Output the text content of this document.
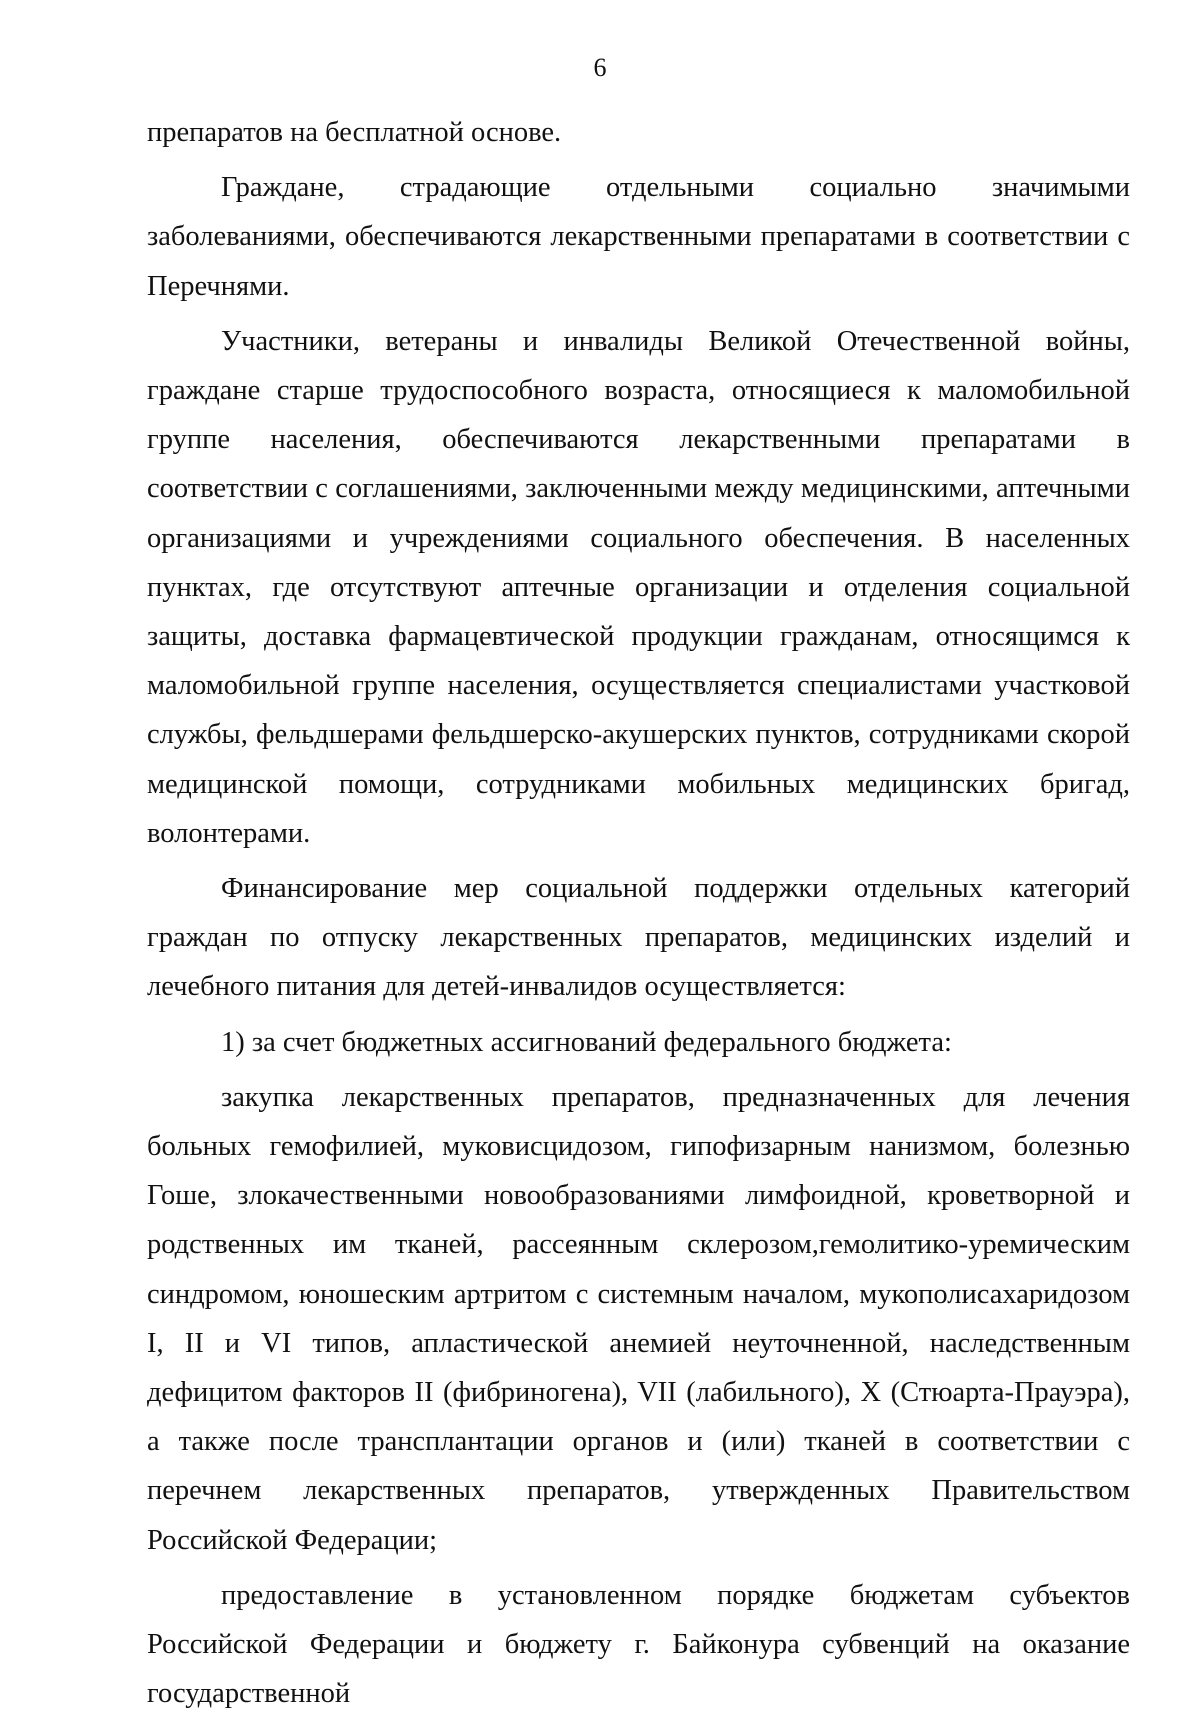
6

препаратов на бесплатной основе.

Граждане, страдающие отдельными социально значимыми заболеваниями, обеспечиваются лекарственными препаратами в соответствии с Перечнями.

Участники, ветераны и инвалиды Великой Отечественной войны, граждане старше трудоспособного возраста, относящиеся к маломобильной группе населения, обеспечиваются лекарственными препаратами в соответствии с соглашениями, заключенными между медицинскими, аптечными организациями и учреждениями социального обеспечения. В населенных пунктах, где отсутствуют аптечные организации и отделения социальной защиты, доставка фармацевтической продукции гражданам, относящимся к маломобильной группе населения, осуществляется специалистами участковой службы, фельдшерами фельдшерско-акушерских пунктов, сотрудниками скорой медицинской помощи, сотрудниками мобильных медицинских бригад, волонтерами.

Финансирование мер социальной поддержки отдельных категорий граждан по отпуску лекарственных препаратов, медицинских изделий и лечебного питания для детей-инвалидов осуществляется:

1) за счет бюджетных ассигнований федерального бюджета:

закупка лекарственных препаратов, предназначенных для лечения больных гемофилией, муковисцидозом, гипофизарным нанизмом, болезнью Гоше, злокачественными новообразованиями лимфоидной, кроветворной и родственных им тканей, рассеянным склерозом,гемолитико-уремическим синдромом, юношеским артритом с системным началом, мукополисахаридозом I, II и VI типов, апластической анемией неуточненной, наследственным дефицитом факторов II (фибриногена), VII (лабильного), X (Стюарта-Прауэра), а также после трансплантации органов и (или) тканей в соответствии с перечнем лекарственных препаратов, утвержденных Правительством Российской Федерации;

предоставление в установленном порядке бюджетам субъектов Российской Федерации и бюджету г. Байконура субвенций на оказание государственной
